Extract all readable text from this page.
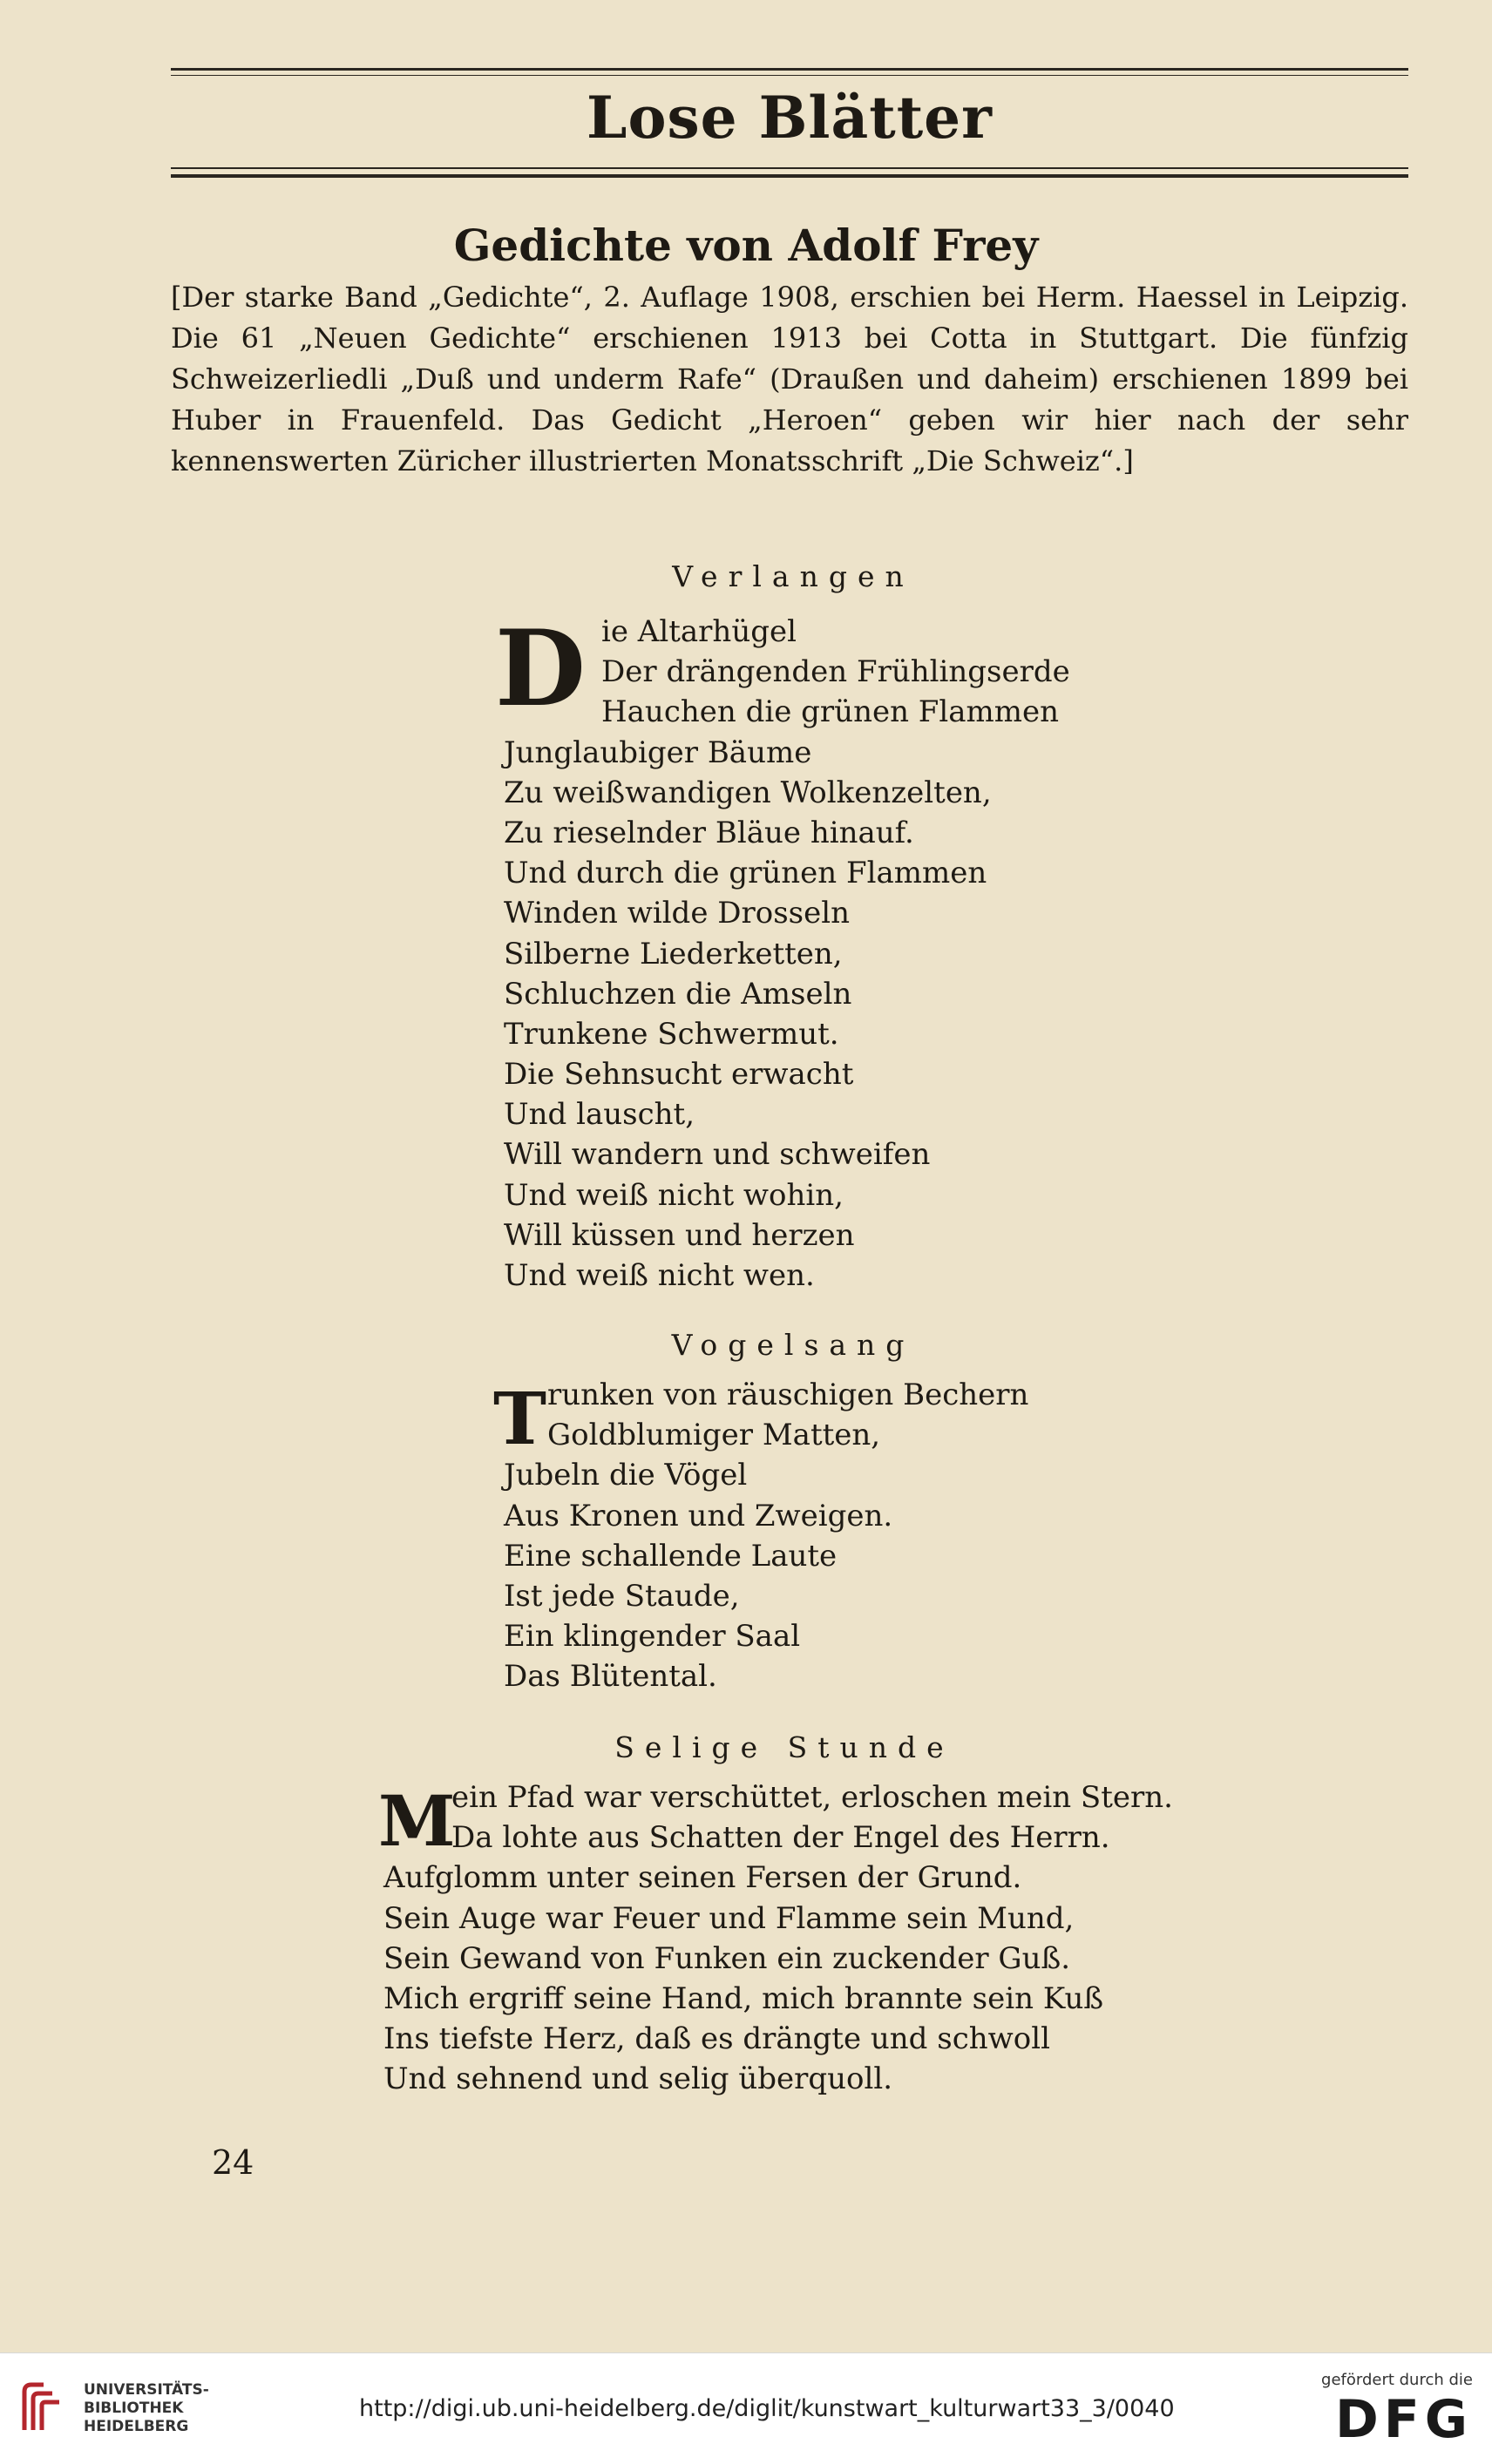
Lose Blätter
Gedichte von Adolf Frey
[Der starke Band „Gedichte“, 2. Auflage 1908, erschien bei Herm. Haessel in Leipzig. Die 61 „Neuen Gedichte“ erschienen 1913 bei Cotta in Stuttgart. Die fünfzig Schweizerliedli „Duß und underm Rafe“ (Draußen und daheim) erschienen 1899 bei Huber in Frauenfeld. Das Gedicht „Heroen“ geben wir hier nach der sehr kennenswerten Züricher illustrierten Monatsschrift „Die Schweiz“.]
Verlangen
D ie Altarhügel
Der drängenden Frühlingserde
Hauchen die grünen Flammen
Junglaubiger Bäume
Zu weißwandigen Wolkenzelten,
Zu rieselnder Bläue hinauf.
Und durch die grünen Flammen
Winden wilde Drosseln
Silberne Liederketten,
Schluchzen die Amseln
Trunkene Schwermut.
Die Sehnsucht erwacht
Und lauscht,
Will wandern und schweifen
Und weiß nicht wohin,
Will küssen und herzen
Und weiß nicht wen.
Vogelsang
T runken von räuschigen Bechern
Goldblumiger Matten,
Jubeln die Vögel
Aus Kronen und Zweigen.
Eine schallende Laute
Ist jede Staude,
Ein klingender Saal
Das Blütental.
Selige Stunde
M
ein Pfad war verschüttet, erloschen mein Stern.
Da lohte aus Schatten der Engel des Herrn.
Aufglomm unter seinen Fersen der Grund.
Sein Auge war Feuer und Flamme sein Mund,
Sein Gewand von Funken ein zuckender Guß.
Mich ergriff seine Hand, mich brannte sein Kuß
Ins tiefste Herz, daß es drängte und schwoll
Und sehnend und selig überquoll.
24
UNIVERSITÄTS-
BIBLIOTHEK
HEIDELBERG
http://digi.ub.uni-heidelberg.de/diglit/kunstwart_kulturwart33_3/0040
gefördert durch die
DFG
